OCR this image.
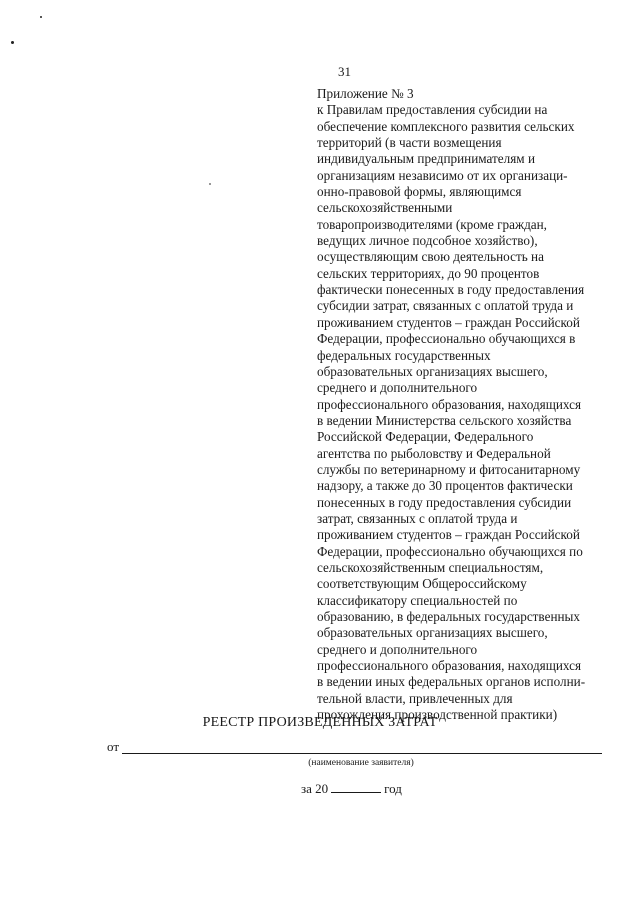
31
Приложение № 3
к Правилам предоставления субсидии на
обеспечение комплексного развития сельских
территорий (в части возмещения
индивидуальным предпринимателям и
организациям независимо от их организаци-
онно-правовой формы, являющимся
сельскохозяйственными
товаропроизводителями (кроме граждан,
ведущих личное подсобное хозяйство),
осуществляющим свою деятельность на
сельских территориях, до 90 процентов
фактически понесенных в году предоставления
субсидии затрат, связанных с оплатой труда и
проживанием студентов – граждан Российской
Федерации, профессионально обучающихся в
федеральных государственных
образовательных организациях высшего,
среднего и дополнительного
профессионального образования, находящихся
в ведении Министерства сельского хозяйства
Российской Федерации, Федерального
агентства по рыболовству и Федеральной
службы по ветеринарному и фитосанитарному
надзору, а также до 30 процентов фактически
понесенных в году предоставления субсидии
затрат, связанных с оплатой труда и
проживанием студентов – граждан Российской
Федерации, профессионально обучающихся по
сельскохозяйственным специальностям,
соответствующим Общероссийскому
классификатору специальностей по
образованию, в федеральных государственных
образовательных организациях высшего,
среднего и дополнительного
профессионального образования, находящихся
в ведении иных федеральных органов исполни-
тельной власти, привлеченных для
прохождения производственной практики)
РЕЕСТР ПРОИЗВЕДЕННЫХ ЗАТРАТ
от
(наименование заявителя)
за 20	год
